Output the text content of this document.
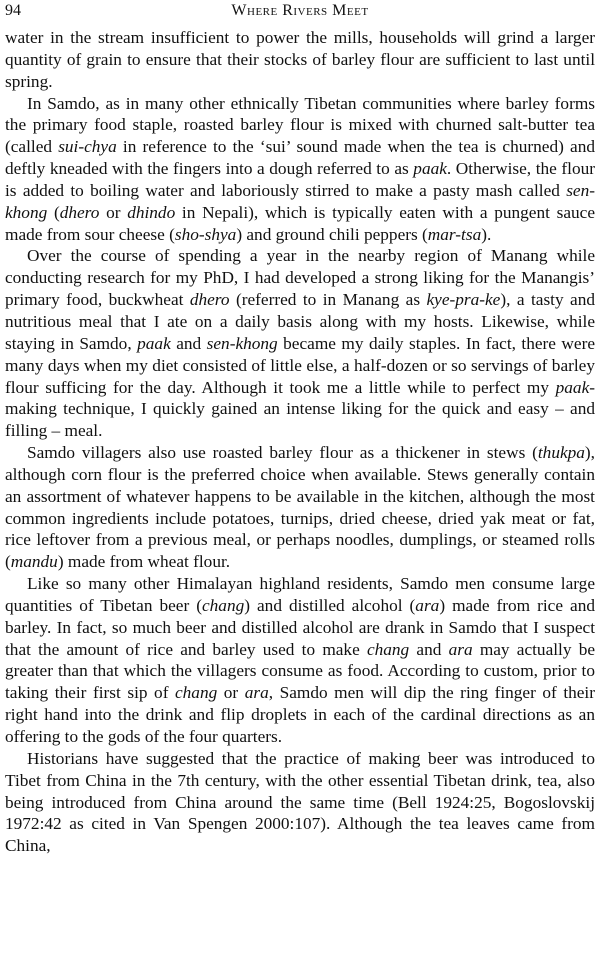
94	Where Rivers Meet

water in the stream insufficient to power the mills, households will grind a larger quantity of grain to ensure that their stocks of barley flour are sufficient to last until spring.

In Samdo, as in many other ethnically Tibetan communities where barley forms the primary food staple, roasted barley flour is mixed with churned salt-butter tea (called sui-chya in reference to the ‘sui’ sound made when the tea is churned) and deftly kneaded with the fingers into a dough referred to as paak. Otherwise, the flour is added to boiling water and laboriously stirred to make a pasty mash called sen-khong (dhero or dhindo in Nepali), which is typically eaten with a pungent sauce made from sour cheese (sho-shya) and ground chili peppers (mar-tsa).

Over the course of spending a year in the nearby region of Manang while conducting research for my PhD, I had developed a strong liking for the Manangis’ primary food, buckwheat dhero (referred to in Manang as kye-pra-ke), a tasty and nutritious meal that I ate on a daily basis along with my hosts. Likewise, while staying in Samdo, paak and sen-khong became my daily staples. In fact, there were many days when my diet consisted of little else, a half-dozen or so servings of barley flour sufficing for the day. Although it took me a little while to perfect my paak-making technique, I quickly gained an intense liking for the quick and easy – and filling – meal.

Samdo villagers also use roasted barley flour as a thickener in stews (thukpa), although corn flour is the preferred choice when available. Stews generally contain an assortment of whatever happens to be available in the kitchen, although the most common ingredients include potatoes, turnips, dried cheese, dried yak meat or fat, rice leftover from a previous meal, or perhaps noodles, dumplings, or steamed rolls (mandu) made from wheat flour.

Like so many other Himalayan highland residents, Samdo men consume large quantities of Tibetan beer (chang) and distilled alcohol (ara) made from rice and barley. In fact, so much beer and distilled alcohol are drank in Samdo that I suspect that the amount of rice and barley used to make chang and ara may actually be greater than that which the villagers consume as food. According to custom, prior to taking their first sip of chang or ara, Samdo men will dip the ring finger of their right hand into the drink and flip droplets in each of the cardinal directions as an offering to the gods of the four quarters.

Historians have suggested that the practice of making beer was introduced to Tibet from China in the 7th century, with the other essential Tibetan drink, tea, also being introduced from China around the same time (Bell 1924:25, Bogoslovskij 1972:42 as cited in Van Spengen 2000:107). Although the tea leaves came from China,
